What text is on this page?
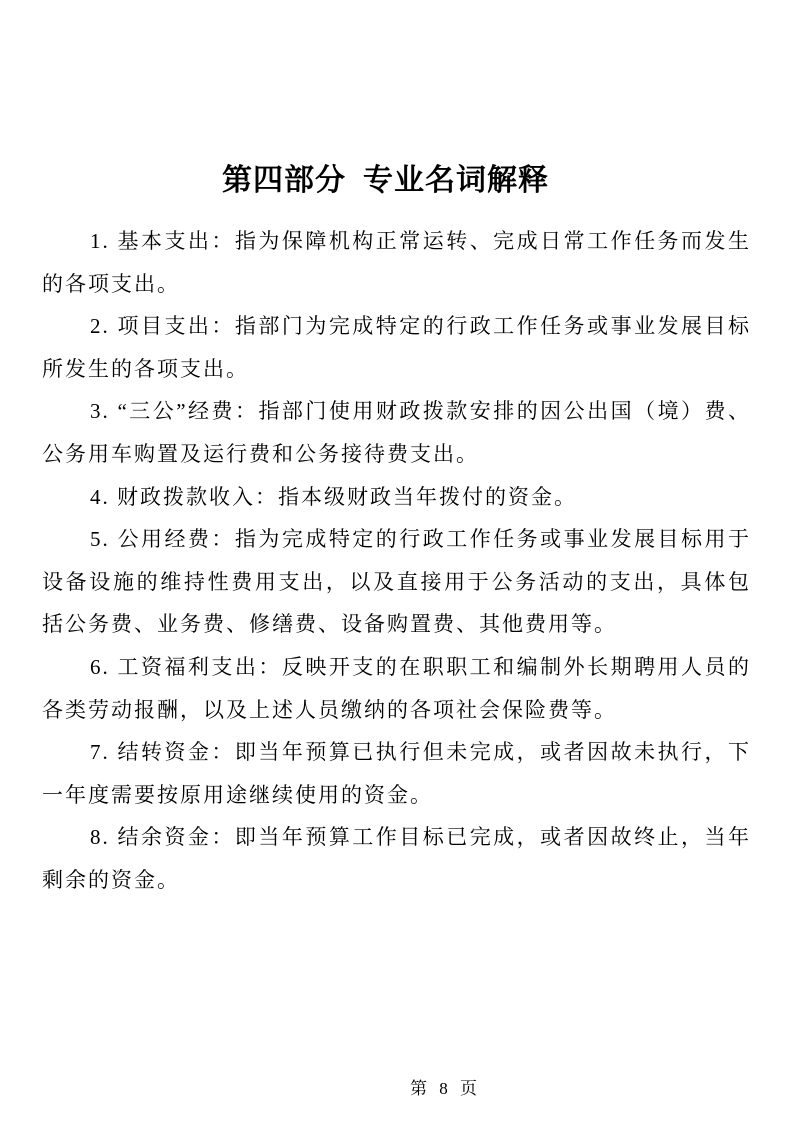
第四部分  专业名词解释

1. 基本支出：指为保障机构正常运转、完成日常工作任务而发生的各项支出。

2. 项目支出：指部门为完成特定的行政工作任务或事业发展目标所发生的各项支出。

3. “三公”经费：指部门使用财政拨款安排的因公出国（境）费、公务用车购置及运行费和公务接待费支出。

4. 财政拨款收入：指本级财政当年拨付的资金。

5. 公用经费：指为完成特定的行政工作任务或事业发展目标用于设备设施的维持性费用支出，以及直接用于公务活动的支出，具体包括公务费、业务费、修缮费、设备购置费、其他费用等。

6. 工资福利支出：反映开支的在职职工和编制外长期聘用人员的各类劳动报酬，以及上述人员缴纳的各项社会保险费等。

7. 结转资金：即当年预算已执行但未完成，或者因故未执行，下一年度需要按原用途继续使用的资金。

8. 结余资金：即当年预算工作目标已完成，或者因故终止，当年剩余的资金。

第 8 页
